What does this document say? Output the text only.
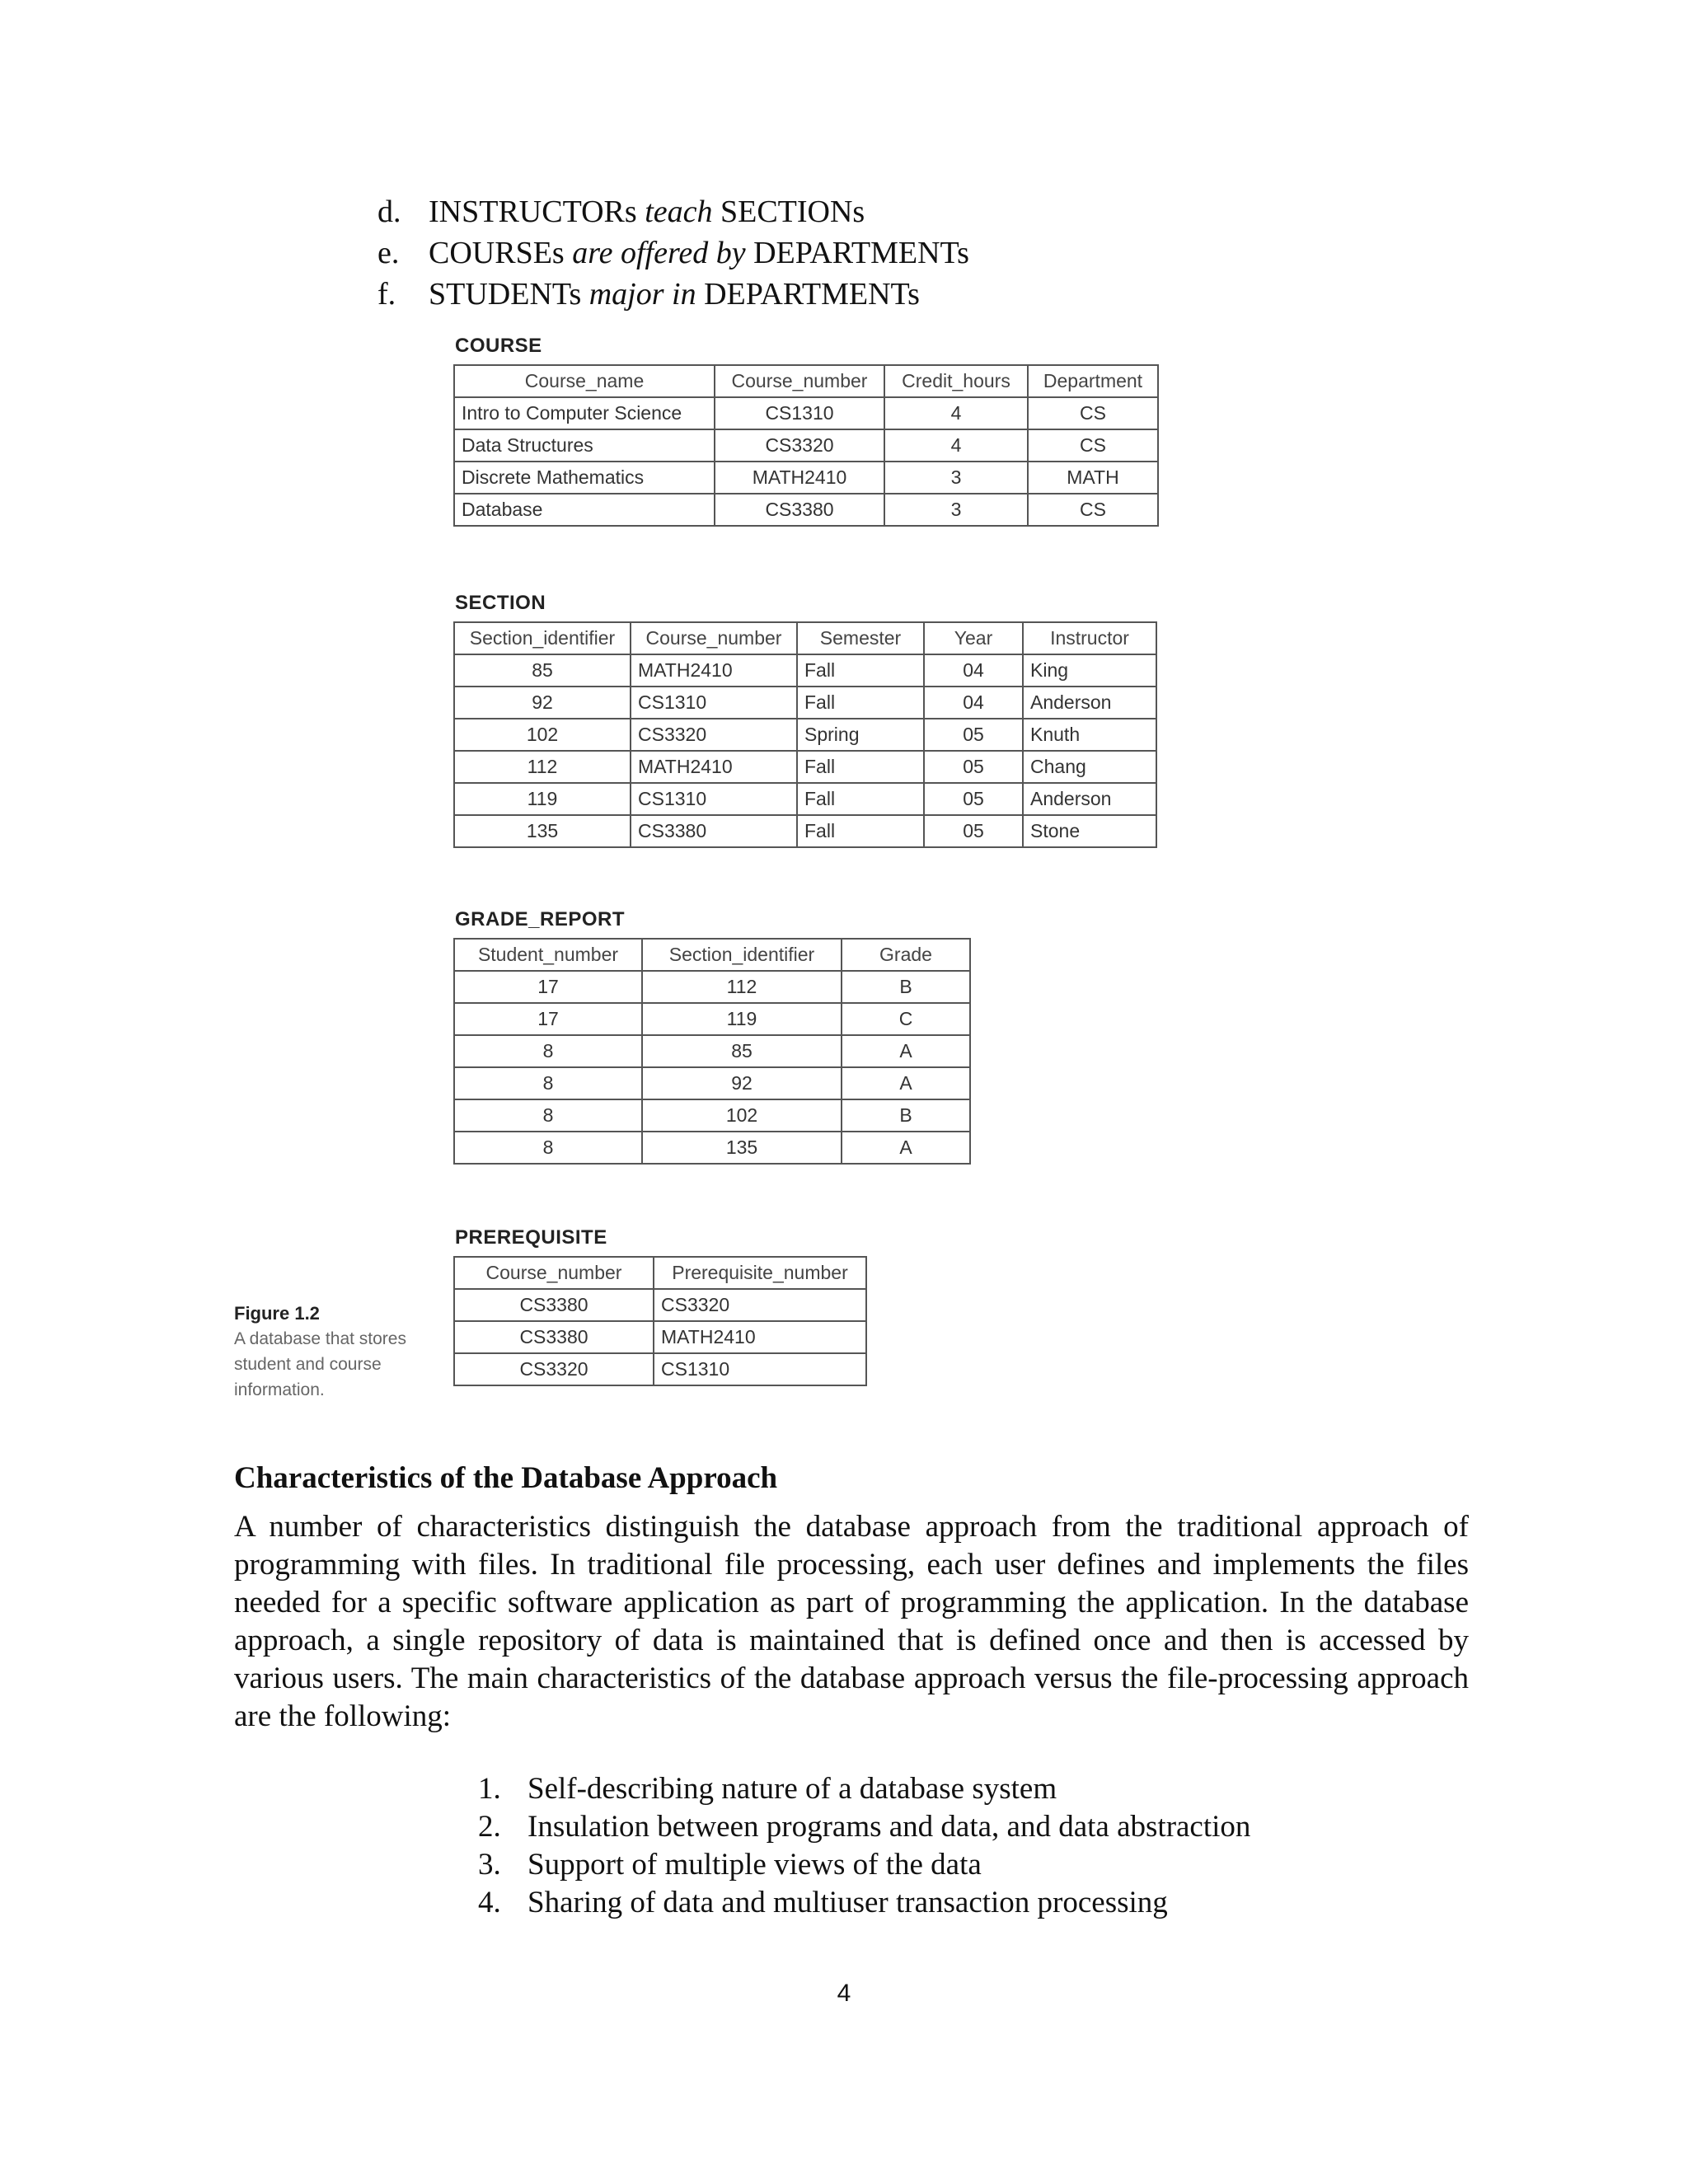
d. INSTRUCTORs
teach
SECTIONs
e. COURSEs
are offered by
DEPARTMENTs
f.	STUDENTs
major in
DEPARTMENTs
COURSE
Course_name	Course_number	Credit_hours	Department
Intro to Computer Science	CS1310	4	CS
Data Structures	CS3320	4	CS
Discrete Mathematics	MATH2410	3	MATH
Database	CS3380	3	CS
SECTION
Section_identifier	Course_number	Semester	Year	Instructor
85	MATH2410	Fall	04	King
92	CS1310	Fall	04	Anderson
102	CS3320	Spring	05	Knuth
112	MATH2410	Fall	05	Chang
119	CS1310	Fall	05	Anderson
135	CS3380	Fall	05	Stone
GRADE_REPORT
Student_number	Section_identifier	Grade
17	112	B
17	119	C
8	85	A
8	92	A
8	102	B
8	135	A
PREREQUISITE
Course_number	Prerequisite_number
CS3380	CS3320
CS3380	MATH2410
CS3320	CS1310
Figure 1.2
A database that stores student and course information.
Characteristics of the Database Approach
A number of characteristics distinguish the database approach from the traditional approach of programming with files. In traditional file processing, each user defines and implements the files needed for a specific software application as part of programming the application. In the database approach, a single repository of data is maintained that is defined once and then is accessed by various users. The main characteristics of the database approach versus the file-processing approach are the following:
1. Self-describing nature of a database system
2. Insulation between programs and data, and data abstraction
3. Support of multiple views of the data
4. Sharing of data and multiuser transaction processing
4
